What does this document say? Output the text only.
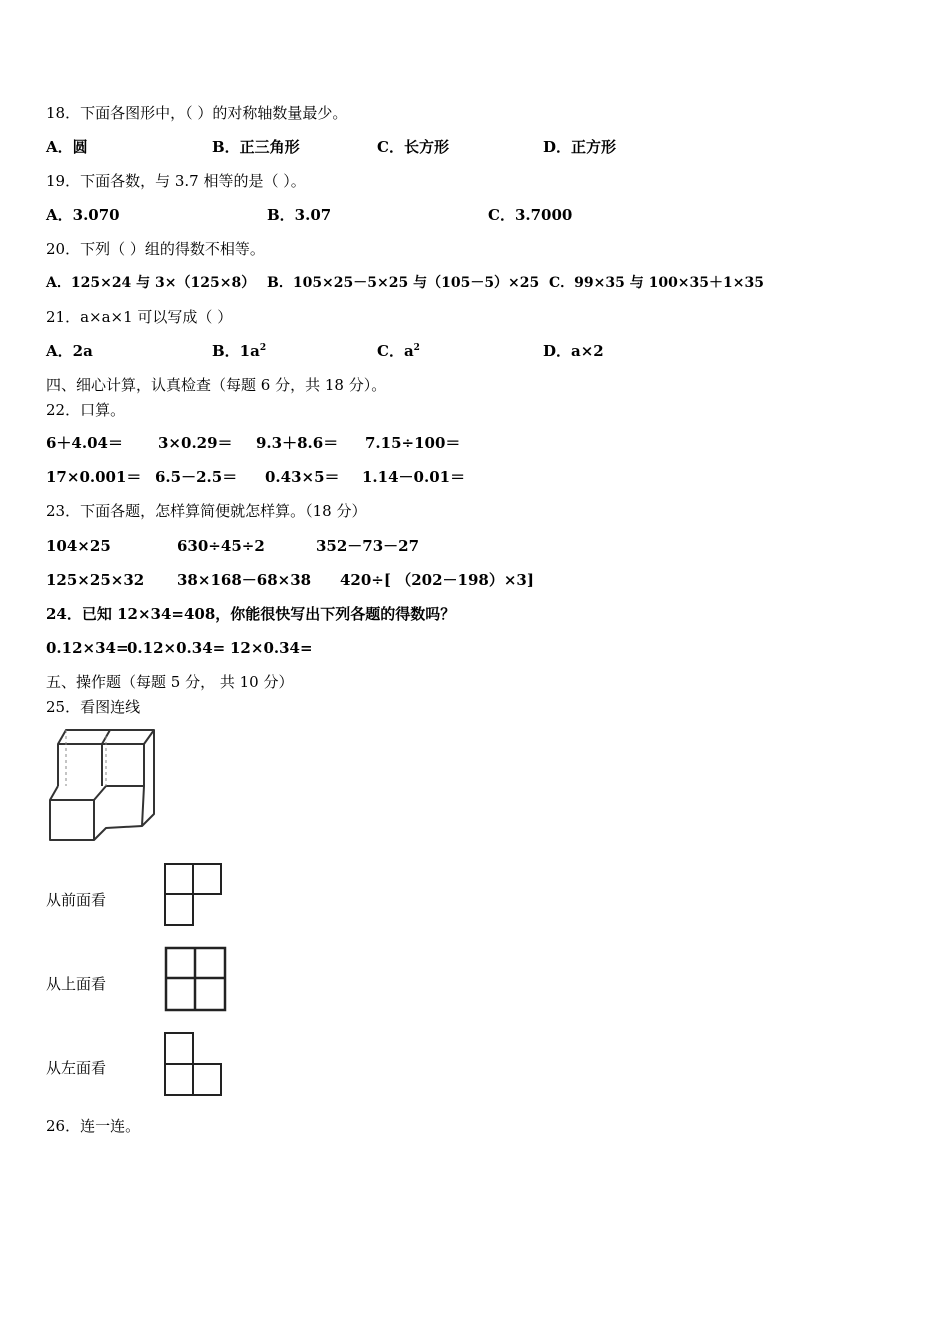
18．下面各图形中，（ ）的对称轴数量最少。
A．圆	B．正三角形	C．长方形	D．正方形
19．下面各数，与 3.7 相等的是（ ）。
A．3.070	B．3.07	C．3.7000
20．下列（ ）组的得数不相等。
A．125×24 与 3×（125×8） B．105×25－5×25 与（105－5）×25 C．99×35 与 100×35＋1×35
21．a×a×1 可以写成（ ）
A．2a	B．$1a^2$	C．$a^2$	D．a×2
四、细心计算，认真检查（每题 6 分，共 18 分）。
22．口算。
6＋4.04＝ 3×0.29＝ 9.3＋8.6＝ 7.15÷100＝
17×0.001＝ 6.5－2.5＝ 0.43×5＝ 1.14－0.01＝
23．下面各题，怎样算简便就怎样算。（18 分）
104×25	630÷45÷2	352－73－27
125×25×32 38×168－68×38 420÷[ （202－198）×3]
24．已知 12×34=408，你能很快写出下列各题的得数吗？
0.12×34=
0.12×0.34= 12×0.34=
五、操作题（每题 5 分， 共 10 分）
25．看图连线
从前面看
从上面看
从左面看
26．连一连。
